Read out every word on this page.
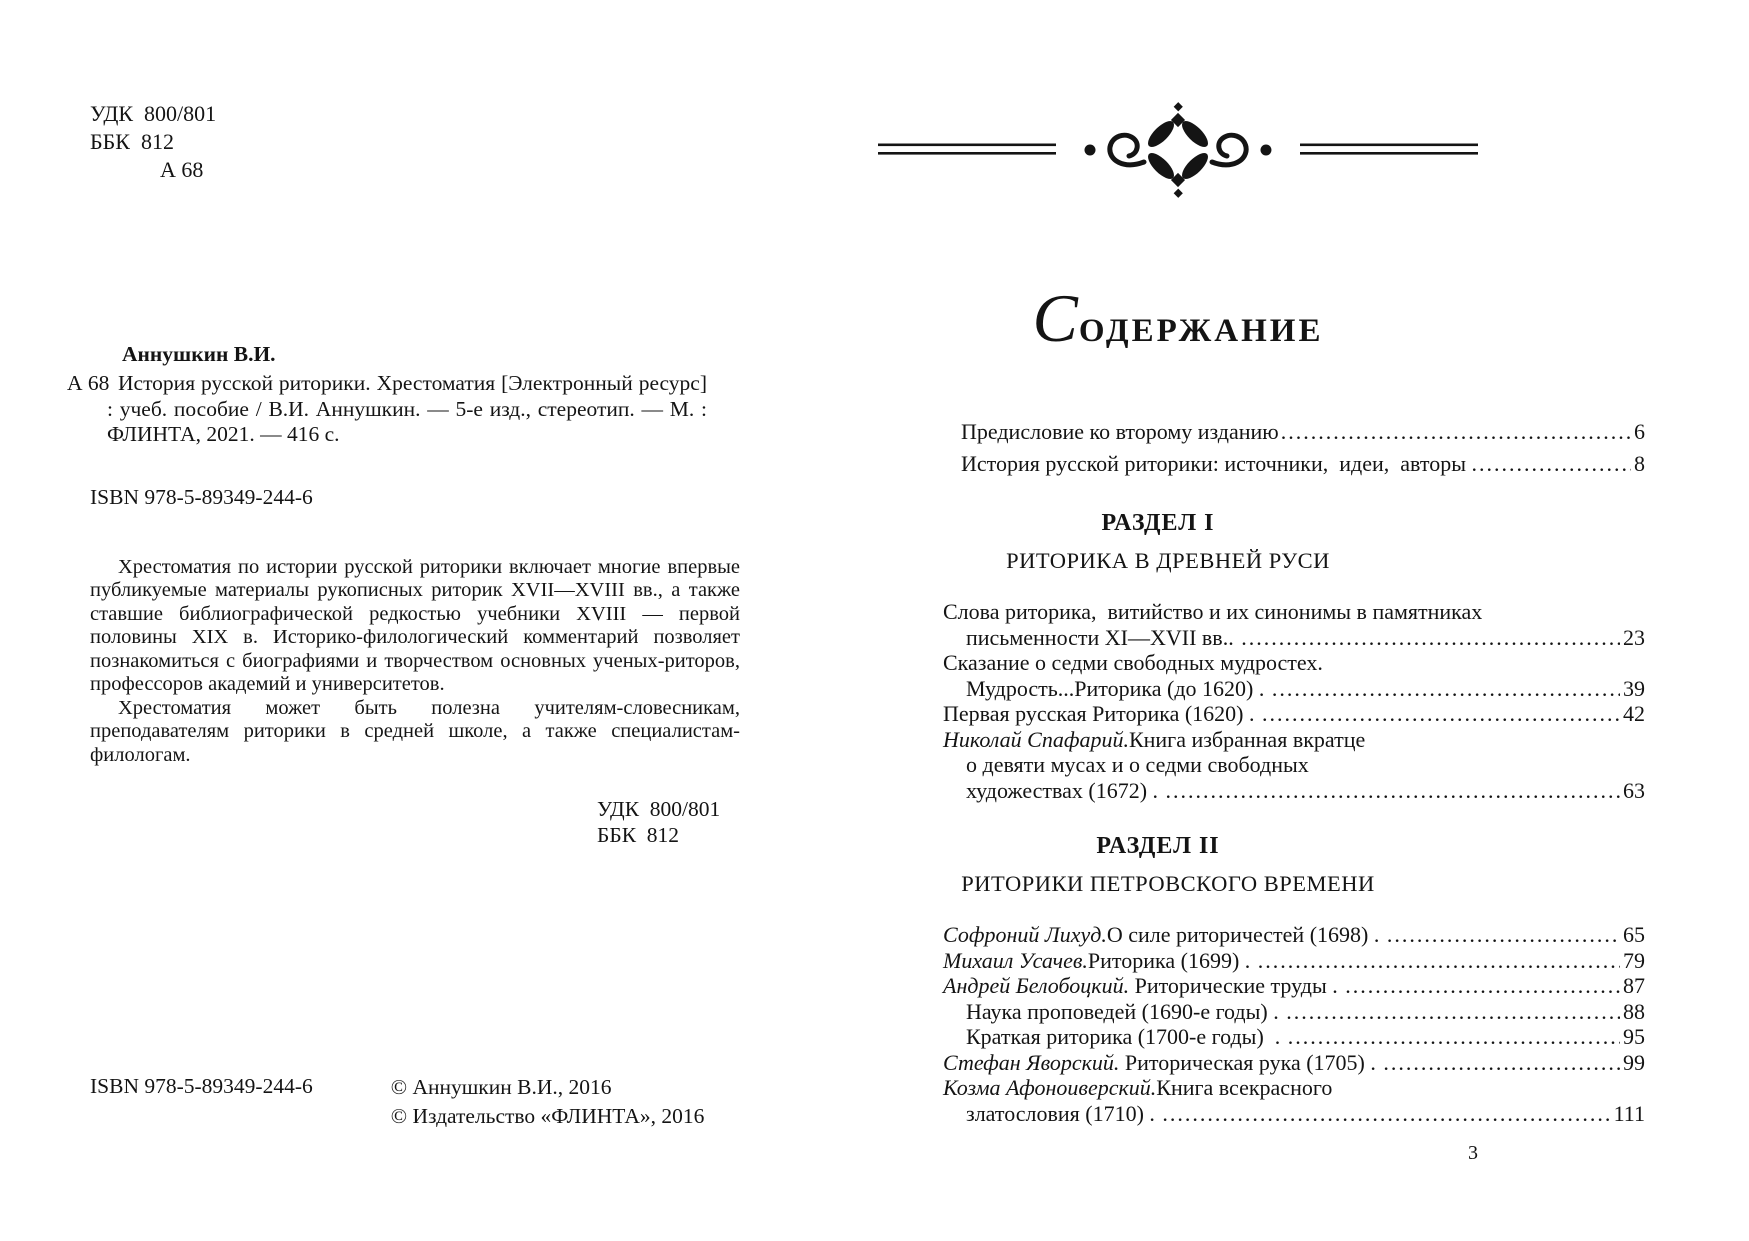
УДК  800/801
ББК  812
А 68
Аннушкин В.И.
А 68 История русской риторики. Хрестоматия [Электронный ресурс] : учеб. пособие / В.И. Аннушкин. — 5-е изд., стереотип. — М. : ФЛИНТА, 2021. — 416 с.
ISBN 978-5-89349-244-6

Хрестоматия по истории русской риторики включает многие впервые публикуемые материалы рукописных риторик XVII—XVIII вв., а также ставшие библиографической редкостью учебники XVIII — первой половины XIX в. Историко-филологический комментарий позволяет познакомиться с биографиями и творчеством основных ученых-риторов, профессоров академий и университетов.

Хрестоматия может быть полезна учителям-словесникам, преподавателям риторики в средней школе, а также специалистам-филологам.

УДК  800/801
ББК  812
ISBN 978-5-89349-244-6	© Аннушкин В.И., 2016
© Издательство «ФЛИНТА», 2016
СОДЕРЖАНИЕ
Предисловие ко второму изданию .....	6
История русской риторики: источники,  идеи,  авторы . .....	8
РАЗДЕЛ I
РИТОРИКА В ДРЕВНЕЙ РУСИ
Слова риторика,  витийство и их синонимы в памятниках
письменности XI—XVII вв.. .....	23
Сказание о седми свободных мудростех.
Мудрость...Риторика (до 1620) . .....	39
Первая русская Риторика (1620) . .....	42
Николай Спафарий. Книга избранная вкратце
о девяти мусах и о седми свободных
художествах (1672) . .....	63
РАЗДЕЛ II
РИТОРИКИ ПЕТРОВСКОГО ВРЕМЕНИ
Софроний Лихуд. О силе риторичестей (1698) . .....	65
Михаил Усачев. Риторика (1699) . .....	79
Андрей Белобоцкий. Риторические труды . .....	87
Наука проповедей (1690-е годы) . .....	88
Краткая риторика (1700-е годы)  . .....	95
Стефан Яворский. Риторическая рука (1705) . .....	99
Козма Афоноиверский. Книга всекрасного
златословия (1710) . .....	111
3
